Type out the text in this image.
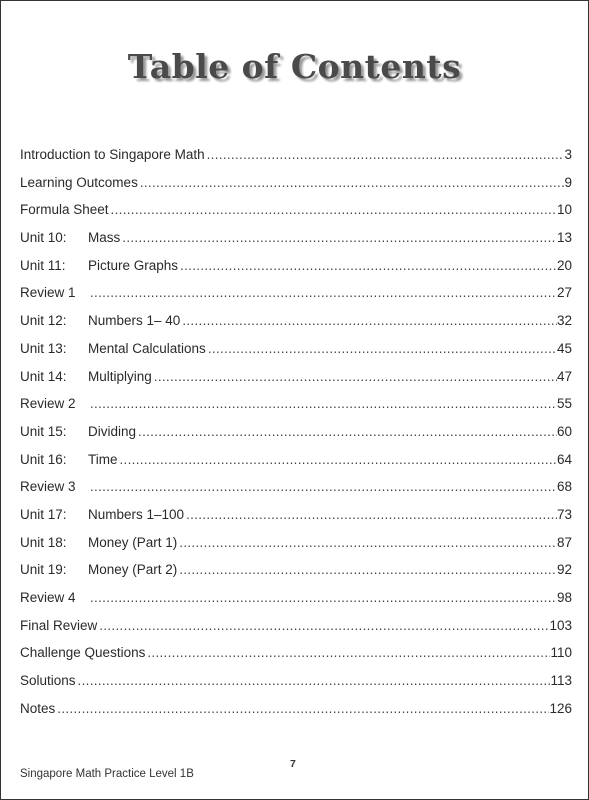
Table of Contents
Introduction to Singapore Math .....	3
Learning Outcomes .....	9
Formula Sheet .....	10
Unit 10:	Mass .....	13
Unit 11:	Picture Graphs .....	20
Review 1 .....	27
Unit 12:	Numbers 1– 40 .....	32
Unit 13:	Mental Calculations .....	45
Unit 14:	Multiplying .....	47
Review 2 .....	55
Unit 15:	Dividing .....	60
Unit 16:	Time .....	64
Review 3 .....	68
Unit 17:	Numbers 1–100 .....	73
Unit 18:	Money (Part 1) .....	87
Unit 19:	Money (Part 2) .....	92
Review 4 .....	98
Final Review .....	103
Challenge Questions .....	110
Solutions .....	113
Notes .....	126
7
Singapore Math Practice Level 1B
